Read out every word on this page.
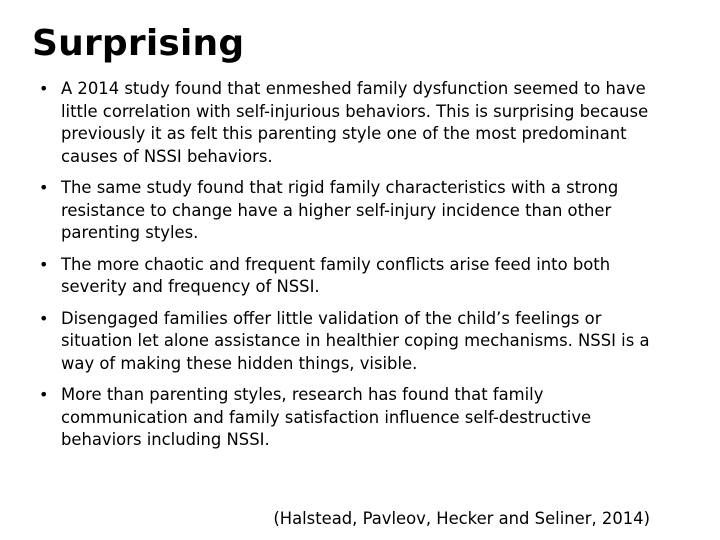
Surprising
• A 2014 study found that enmeshed family dysfunction seemed to have little correlation with self-injurious behaviors. This is surprising because previously it as felt this parenting style one of the most predominant causes of NSSI behaviors.
• The same study found that rigid family characteristics with a strong resistance to change have a higher self-injury incidence than other parenting styles.
• The more chaotic and frequent family conflicts arise feed into both severity and frequency of NSSI.
• Disengaged families offer little validation of the child’s feelings or situation let alone assistance in healthier coping mechanisms. NSSI is a way of making these hidden things, visible.
• More than parenting styles, research has found that family communication and family satisfaction influence self-destructive behaviors including NSSI.

(Halstead, Pavleov, Hecker and Seliner, 2014)
